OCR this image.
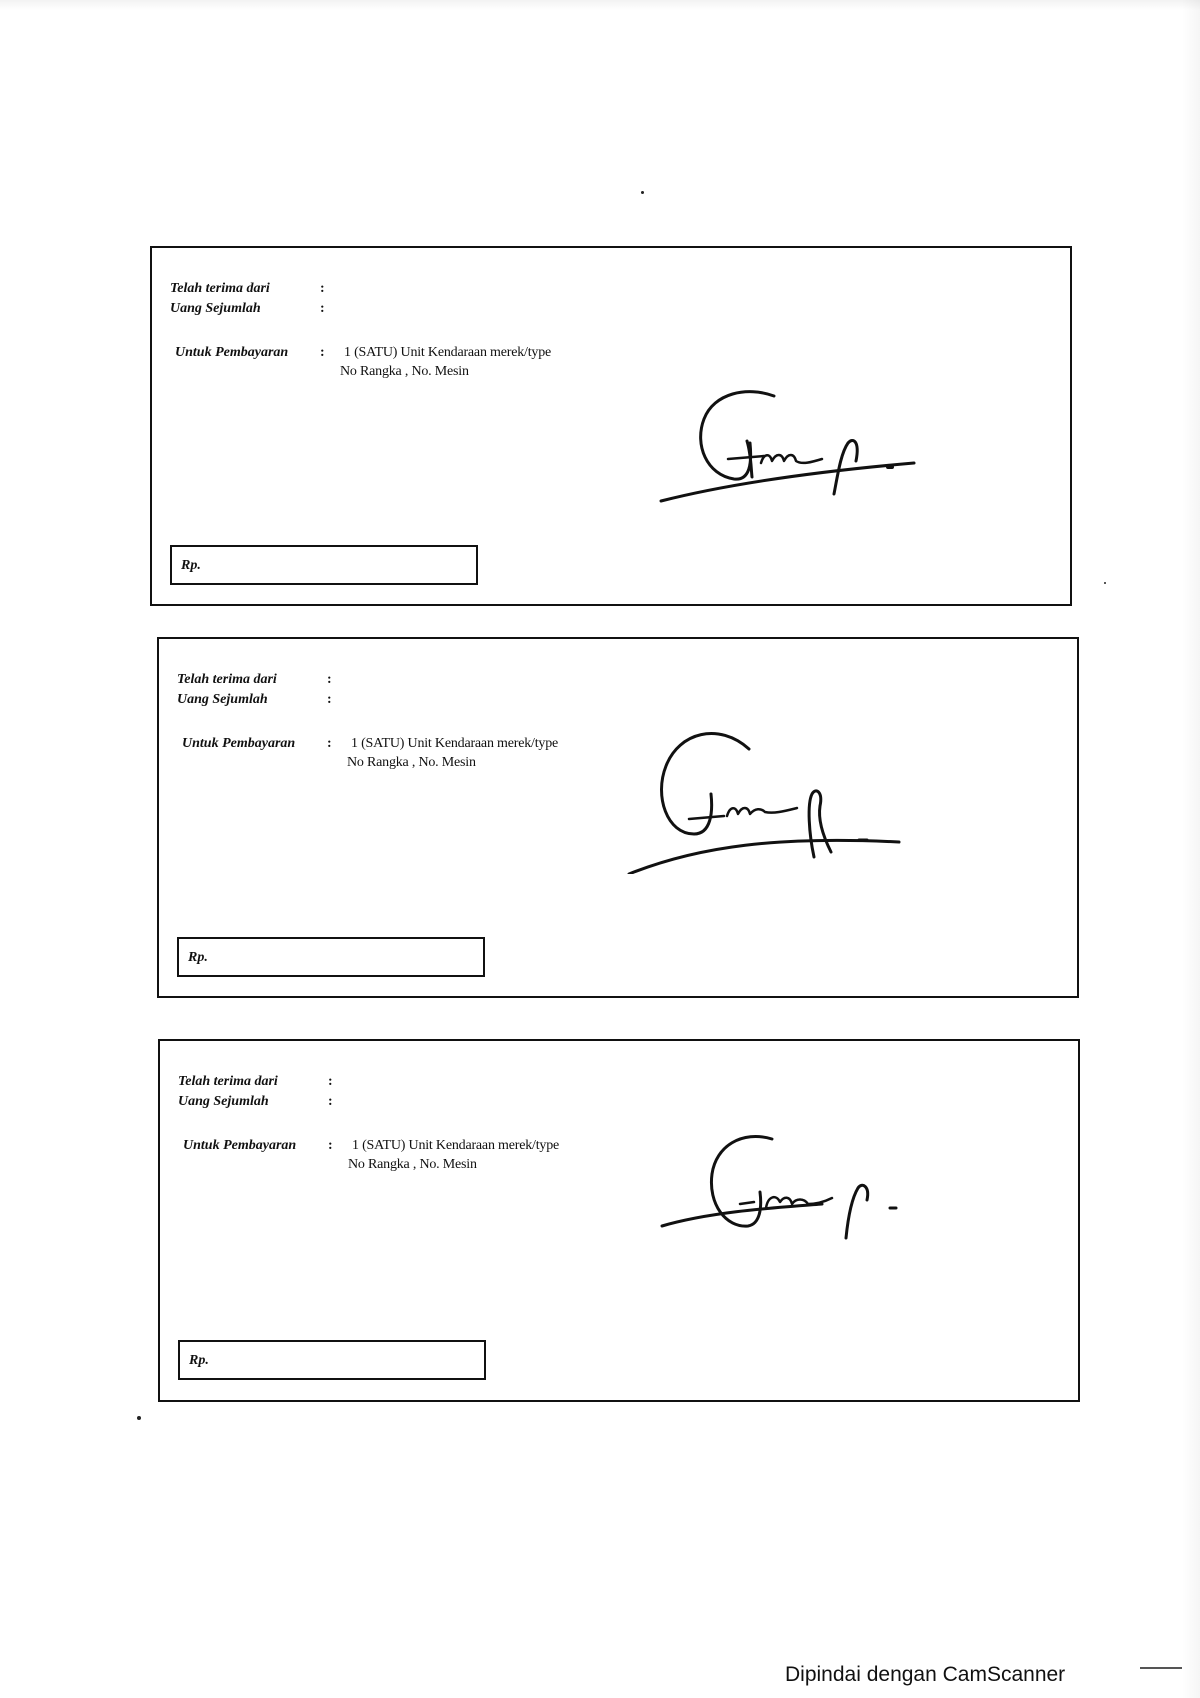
Telah terima dari	:
Uang Sejumlah	:
Untuk Pembayaran : 1 (SATU) Unit Kendaraan merek/type
No Rangka , No. Mesin
Rp.
Telah terima dari	:
Uang Sejumlah	:
Untuk Pembayaran : 1 (SATU) Unit Kendaraan merek/type
No Rangka , No. Mesin
Rp.
Telah terima dari	:
Uang Sejumlah	:
Untuk Pembayaran : 1 (SATU) Unit Kendaraan merek/type
No Rangka , No. Mesin
Rp.
Dipindai dengan CamScanner
